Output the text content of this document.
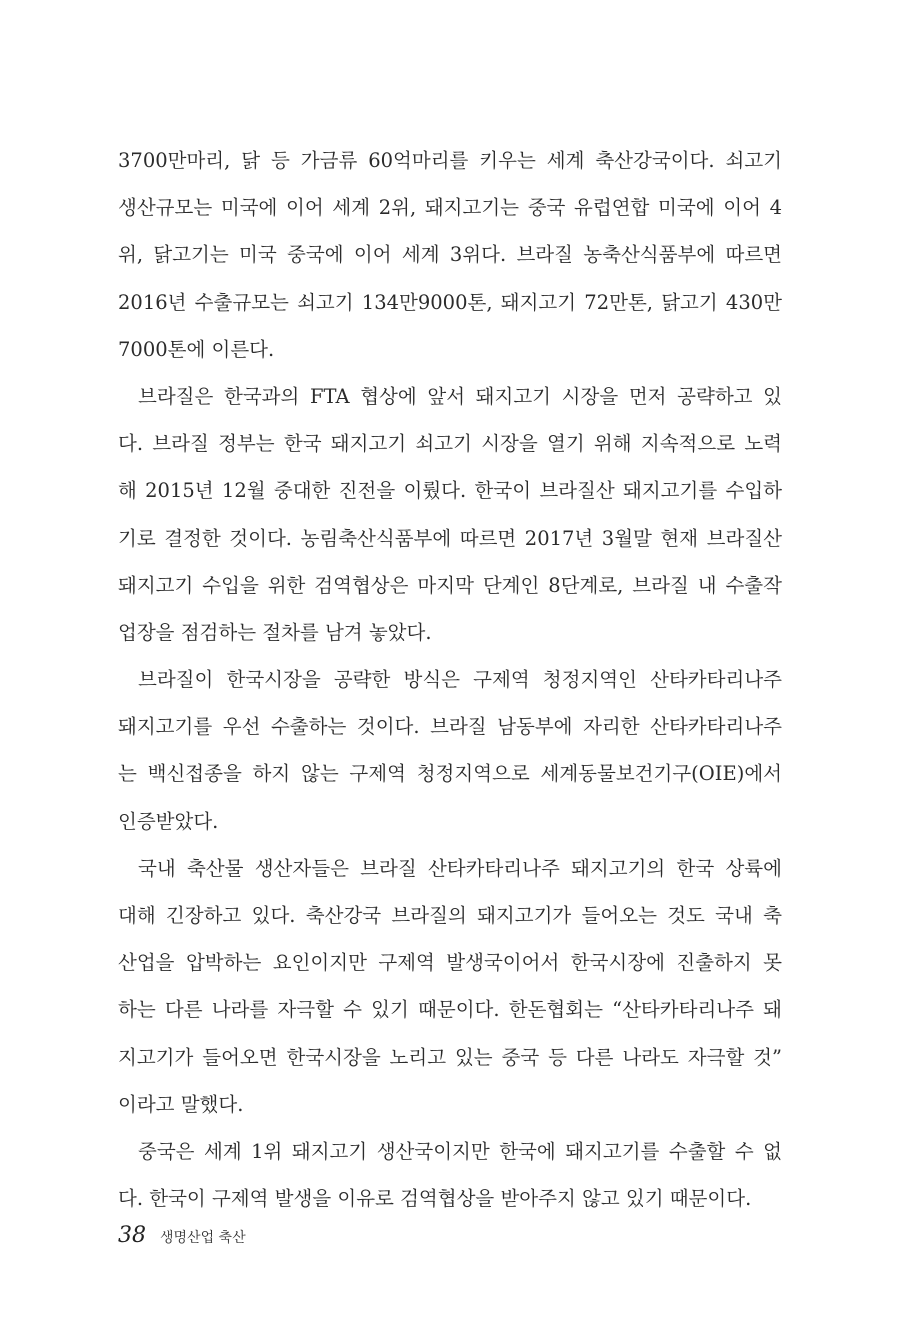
3700만마리, 닭 등 가금류 60억마리를 키우는 세계 축산강국이다. 쇠고기
생산규모는 미국에 이어 세계 2위, 돼지고기는 중국 유럽연합 미국에 이어 4
위, 닭고기는 미국 중국에 이어 세계 3위다. 브라질 농축산식품부에 따르면
2016년 수출규모는 쇠고기 134만9000톤, 돼지고기 72만톤, 닭고기 430만
7000톤에 이른다.
브라질은 한국과의 FTA 협상에 앞서 돼지고기 시장을 먼저 공략하고 있
다. 브라질 정부는 한국 돼지고기 쇠고기 시장을 열기 위해 지속적으로 노력
해 2015년 12월 중대한 진전을 이뤘다. 한국이 브라질산 돼지고기를 수입하
기로 결정한 것이다. 농림축산식품부에 따르면 2017년 3월말 현재 브라질산
돼지고기 수입을 위한 검역협상은 마지막 단계인 8단계로, 브라질 내 수출작
업장을 점검하는 절차를 남겨 놓았다.
브라질이 한국시장을 공략한 방식은 구제역 청정지역인 산타카타리나주
돼지고기를 우선 수출하는 것이다. 브라질 남동부에 자리한 산타카타리나주
는 백신접종을 하지 않는 구제역 청정지역으로 세계동물보건기구(OIE)에서
인증받았다.
국내 축산물 생산자들은 브라질 산타카타리나주 돼지고기의 한국 상륙에
대해 긴장하고 있다. 축산강국 브라질의 돼지고기가 들어오는 것도 국내 축
산업을 압박하는 요인이지만 구제역 발생국이어서 한국시장에 진출하지 못
하는 다른 나라를 자극할 수 있기 때문이다. 한돈협회는 “산타카타리나주 돼
지고기가 들어오면 한국시장을 노리고 있는 중국 등 다른 나라도 자극할 것”
이라고 말했다.
중국은 세계 1위 돼지고기 생산국이지만 한국에 돼지고기를 수출할 수 없
다. 한국이 구제역 발생을 이유로 검역협상을 받아주지 않고 있기 때문이다.
38 생명산업 축산
